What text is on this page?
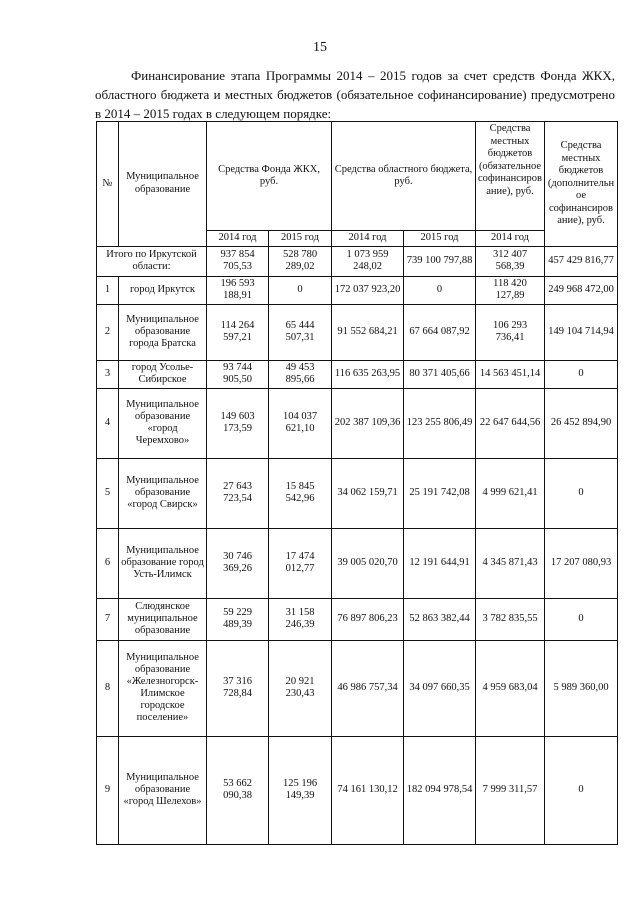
15

Финансирование этапа Программы 2014 – 2015 годов за счет средств Фонда ЖКХ, областного бюджета и местных бюджетов (обязательное софинансирование) предусмотрено в 2014 – 2015 годах в следующем порядке:

№	Муниципальное образование	Средства Фонда ЖКХ, руб.		Средства областного бюджета, руб.		Средства местных бюджетов (обязательное софинансирование), руб.	Средства местных бюджетов (дополнительное софинансирование), руб.
		2014 год	2015 год	2014 год	2015 год	2014 год	
Итого по Иркутской области:		937 854 705,53	528 780 289,02	1 073 959 248,02	739 100 797,88	312 407 568,39	457 429 816,77
1	город Иркутск	196 593 188,91	0	172 037 923,20	0	118 420 127,89	249 968 472,00
2	Муниципальное образование города Братска	114 264 597,21	65 444 507,31	91 552 684,21	67 664 087,92	106 293 736,41	149 104 714,94
3	город Усолье-Сибирское	93 744 905,50	49 453 895,66	116 635 263,95	80 371 405,66	14 563 451,14	0
4	Муниципальное образование «город Черемхово»	149 603 173,59	104 037 621,10	202 387 109,36	123 255 806,49	22 647 644,56	26 452 894,90
5	Муниципальное образование «город Свирск»	27 643 723,54	15 845 542,96	34 062 159,71	25 191 742,08	4 999 621,41	0
6	Муниципальное образование город Усть-Илимск	30 746 369,26	17 474 012,77	39 005 020,70	12 191 644,91	4 345 871,43	17 207 080,93
7	Слюдянское муниципальное образование	59 229 489,39	31 158 246,39	76 897 806,23	52 863 382,44	3 782 835,55	0
8	Муниципальное образование «Железногорск-Илимское городское поселение»	37 316 728,84	20 921 230,43	46 986 757,34	34 097 660,35	4 959 683,04	5 989 360,00
9	Муниципальное образование «город Шелехов»	53 662 090,38	125 196 149,39	74 161 130,12	182 094 978,54	7 999 311,57	0
